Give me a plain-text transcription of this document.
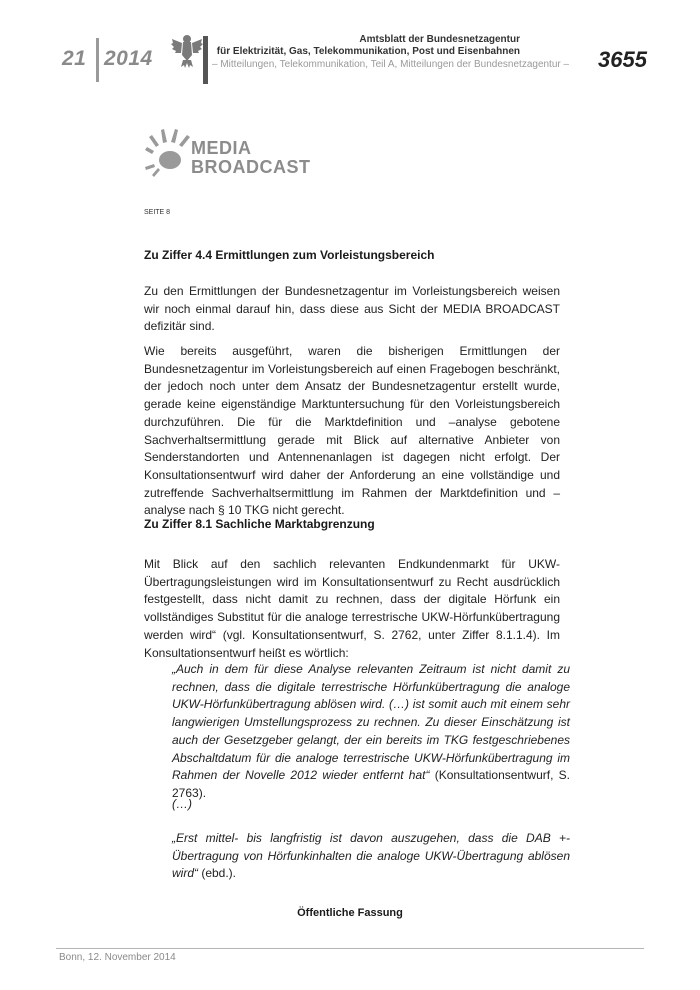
21 2014
Amtsblatt der Bundesnetzagentur
für Elektrizität, Gas, Telekommunikation, Post und Eisenbahnen
– Mitteilungen, Telekommunikation, Teil A, Mitteilungen der Bundesnetzagentur – 3655
MEDIA
BROADCAST
SEITE 8
Zu Ziffer 4.4 Ermittlungen zum Vorleistungsbereich

Zu den Ermittlungen der Bundesnetzagentur im Vorleistungsbereich weisen wir noch einmal darauf hin, dass diese aus Sicht der MEDIA BROADCAST defizitär sind.

Wie bereits ausgeführt, waren die bisherigen Ermittlungen der Bundesnetzagentur im Vorleistungsbereich auf einen Fragebogen beschränkt, der jedoch noch unter dem Ansatz der Bundesnetzagentur erstellt wurde, gerade keine eigenständige Marktuntersuchung für den Vorleistungsbereich durchzuführen. Die für die Marktdefinition und –analyse gebotene Sachverhaltsermittlung gerade mit Blick auf alternative Anbieter von Senderstandorten und Antennenanlagen ist dagegen nicht erfolgt. Der Konsultationsentwurf wird daher der Anforderung an eine vollständige und zutreffende Sachverhaltsermittlung im Rahmen der Marktdefinition und –analyse nach § 10 TKG nicht gerecht.

Zu Ziffer 8.1 Sachliche Marktabgrenzung

Mit Blick auf den sachlich relevanten Endkundenmarkt für UKW-Übertragungsleistungen wird im Konsultationsentwurf zu Recht ausdrücklich festgestellt, dass nicht damit zu rechnen, dass der digitale Hörfunk ein vollständiges Substitut für die analoge terrestrische UKW-Hörfunkübertragung werden wird“ (vgl. Konsultationsentwurf, S. 2762, unter Ziffer 8.1.1.4). Im Konsultationsentwurf heißt es wörtlich:

„Auch in dem für diese Analyse relevanten Zeitraum ist nicht damit zu rechnen, dass die digitale terrestrische Hörfunkübertragung die analoge UKW-Hörfunkübertragung ablösen wird. (…) ist somit auch mit einem sehr langwierigen Umstellungsprozess zu rechnen. Zu dieser Einschätzung ist auch der Gesetzgeber gelangt, der ein bereits im TKG festgeschriebenes Abschaltdatum für die analoge terrestrische UKW-Hörfunkübertragung im Rahmen der Novelle 2012 wieder entfernt hat“ (Konsultationsentwurf, S. 2763).

(…)

„Erst mittel- bis langfristig ist davon auszugehen, dass die DAB +-Übertragung von Hörfunkinhalten die analoge UKW-Übertragung ablösen wird“ (ebd.).

Öffentliche Fassung
Bonn, 12. November 2014
